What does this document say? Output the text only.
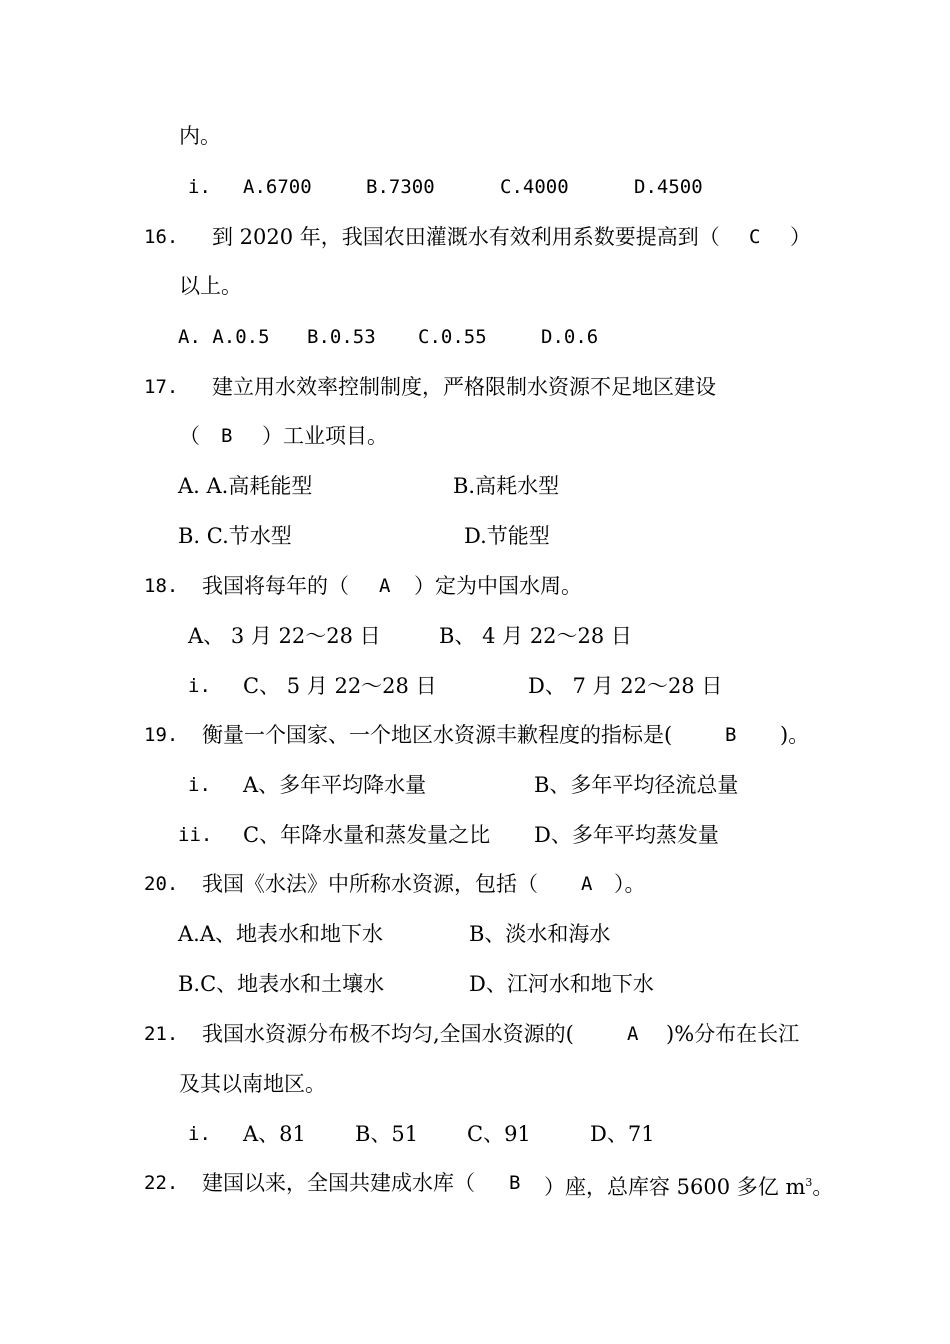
内。
i. A.6700	B.7300	C.4000	D.4500
16. 到 2020 年，我国农田灌溉水有效利用系数要提高到（ C ）
以上。
A. A.0.5 B.0.53 C.0.55	D.0.6
17. 建立用水效率控制制度，严格限制水资源不足地区建设
（ B ）工业项目。
A. A.高耗能型	B.高耗水型
B. C.节水型	D.节能型
18. 我国将每年的（ A ）定为中国水周。
A、 3 月 22～28 日	B、 4 月 22～28 日
i. C、 5 月 22～28 日	D、 7 月 22～28 日
19. 衡量一个国家、一个地区水资源丰歉程度的指标是(	B )。
i. A、多年平均降水量	B、多年平均径流总量
ii. C、年降水量和蒸发量之比 D、多年平均蒸发量
20. 我国《水法》中所称水资源，包括（ A ）。
A.A、地表水和地下水	B、淡水和海水
B.C、地表水和土壤水	D、江河水和地下水
21. 我国水资源分布极不均匀,全国水资源的(	A )%分布在长江
及其以南地区。
i. A、81 B、51 C、91	D、71
22. 建国以来，全国共建成水库（ B ）座，总库容 5600 多亿 $m^3$。
